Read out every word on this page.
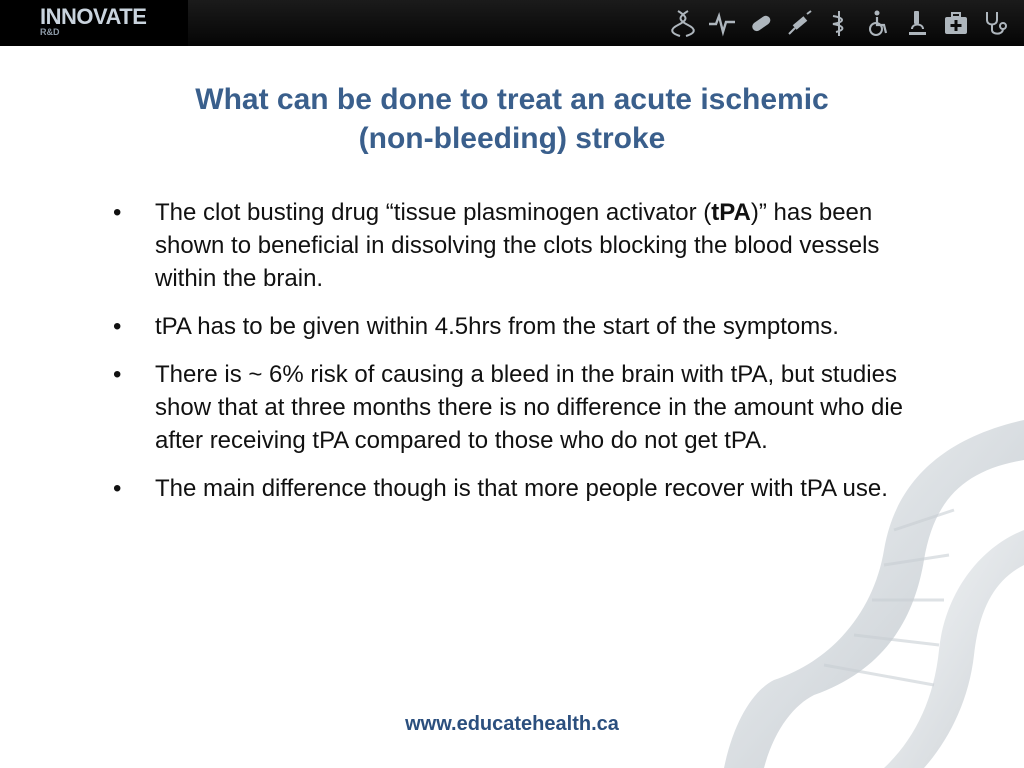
INNOVATE
R&D
What can be done to treat an acute ischemic
(non-bleeding) stroke
• The clot busting drug “tissue plasminogen activator (tPA)” has been shown to beneficial in dissolving the clots blocking the blood vessels within the brain.
• tPA has to be given within 4.5hrs from the start of the symptoms.
• There is ~ 6% risk of causing a bleed in the brain with tPA, but studies show that at three months there is no difference in the amount who die after receiving tPA compared to those who do not get tPA.
• The main difference though is that more people recover with tPA use.
www.educatehealth.ca
